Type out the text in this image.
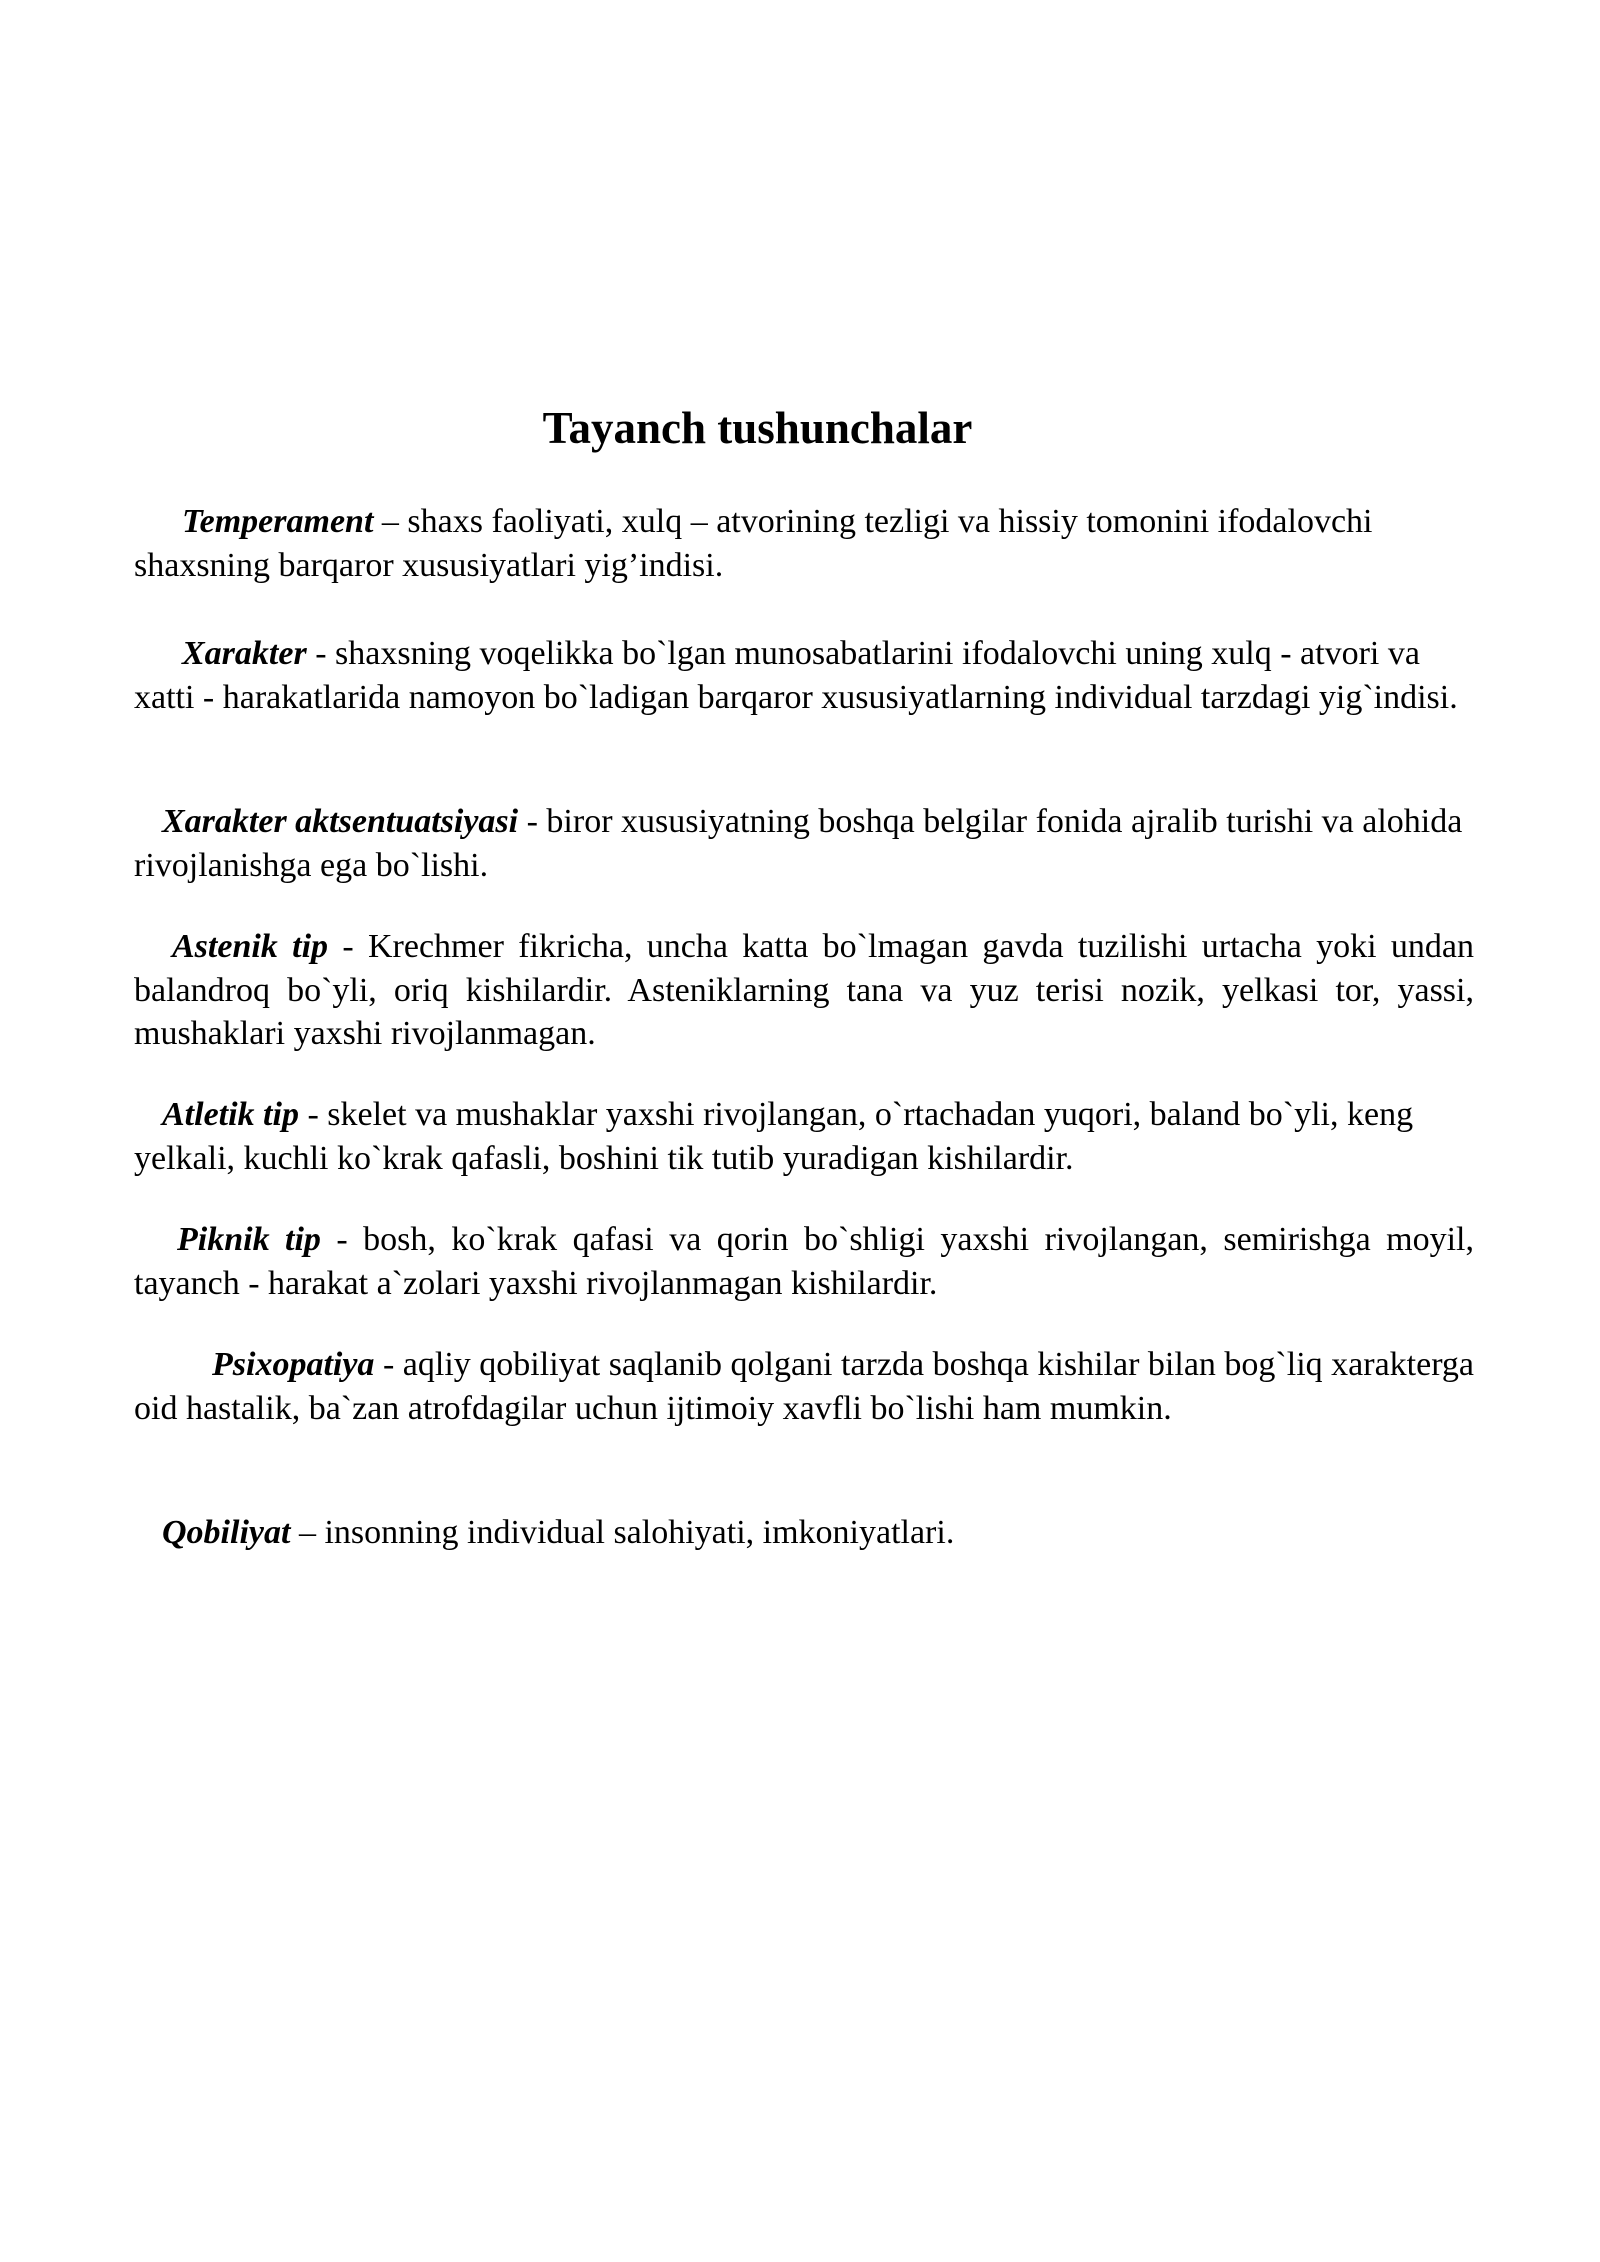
Tayanch tushunchalar

Temperament – shaxs faoliyati, xulq – atvorining tezligi va hissiy tomonini ifodalovchi shaxsning barqaror xususiyatlari yig’indisi.

Xarakter - shaxsning voqelikka bo`lgan munosabatlarini ifodalovchi uning xulq - atvori va xatti - harakatlarida namoyon bo`ladigan barqaror xususiyatlarning individual tarzdagi yig`indisi.

Xarakter aktsentuatsiyasi - biror xususiyatning boshqa belgilar fonida ajralib turishi va alohida rivojlanishga ega bo`lishi.

Astenik tip - Krechmer fikricha, uncha katta bo`lmagan gavda tuzilishi urtacha yoki undan balandroq bo`yli, oriq kishilardir. Asteniklarning tana va yuz terisi nozik, yelkasi tor, yassi, mushaklari yaxshi rivojlanmagan.

Atletik tip - skelet va mushaklar yaxshi rivojlangan, o`rtachadan yuqori, baland bo`yli, keng yelkali, kuchli ko`krak qafasli, boshini tik tutib yuradigan kishilardir.

Piknik tip - bosh, ko`krak qafasi va qorin bo`shligi yaxshi rivojlangan, semirishga moyil, tayanch - harakat a`zolari yaxshi rivojlanmagan kishilardir.

Psixopatiya - aqliy qobiliyat saqlanib qolgani tarzda boshqa kishilar bilan bog`liq xarakterga oid hastalik, ba`zan atrofdagilar uchun ijtimoiy xavfli bo`lishi ham mumkin.

Qobiliyat – insonning individual salohiyati, imkoniyatlari.
